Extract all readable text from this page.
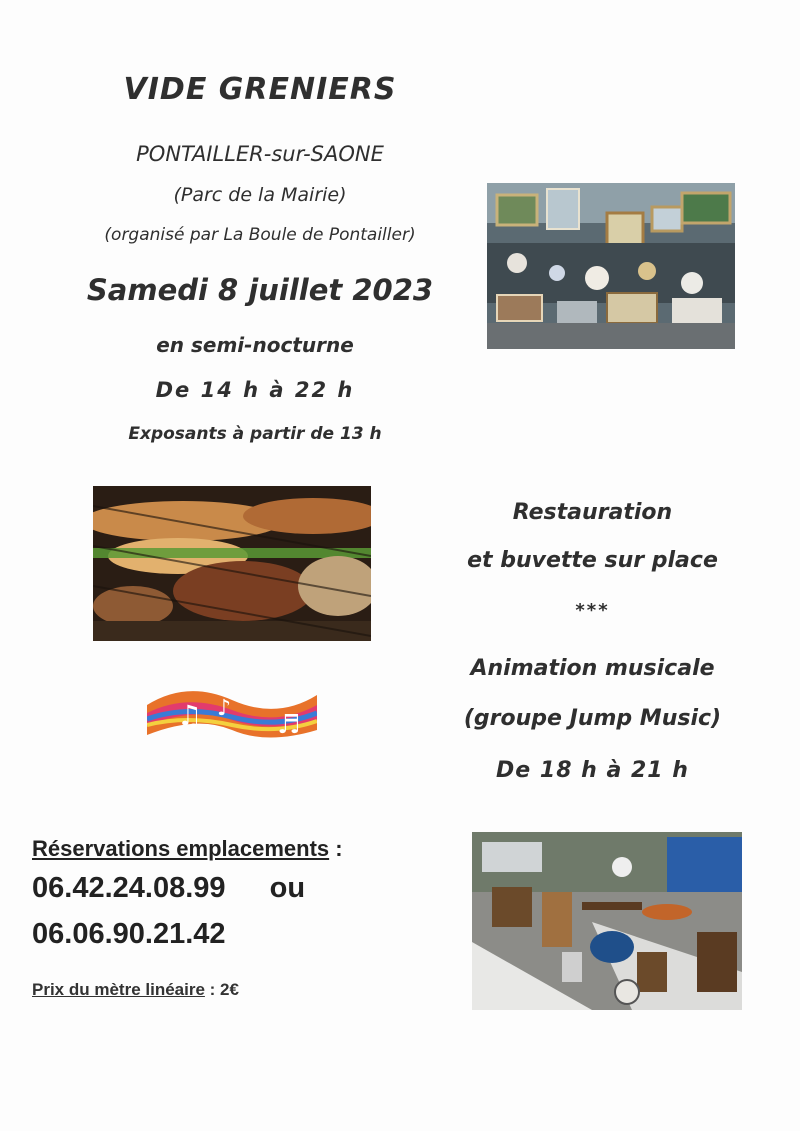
VIDE GRENIERS
PONTAILLER-sur-SAONE
(Parc de la Mairie)
(organisé par La Boule de Pontailler)
Samedi 8 juillet 2023
en semi-nocturne
De 14 h à 22 h
Exposants à partir de 13 h
♫ ♪
♬
Restauration
et buvette sur place
***
Animation musicale
(groupe Jump Music)
De 18 h à 21 h
Réservations emplacements :
06.42.24.08.99 ou
06.06.90.21.42
Prix du mètre linéaire : 2€
